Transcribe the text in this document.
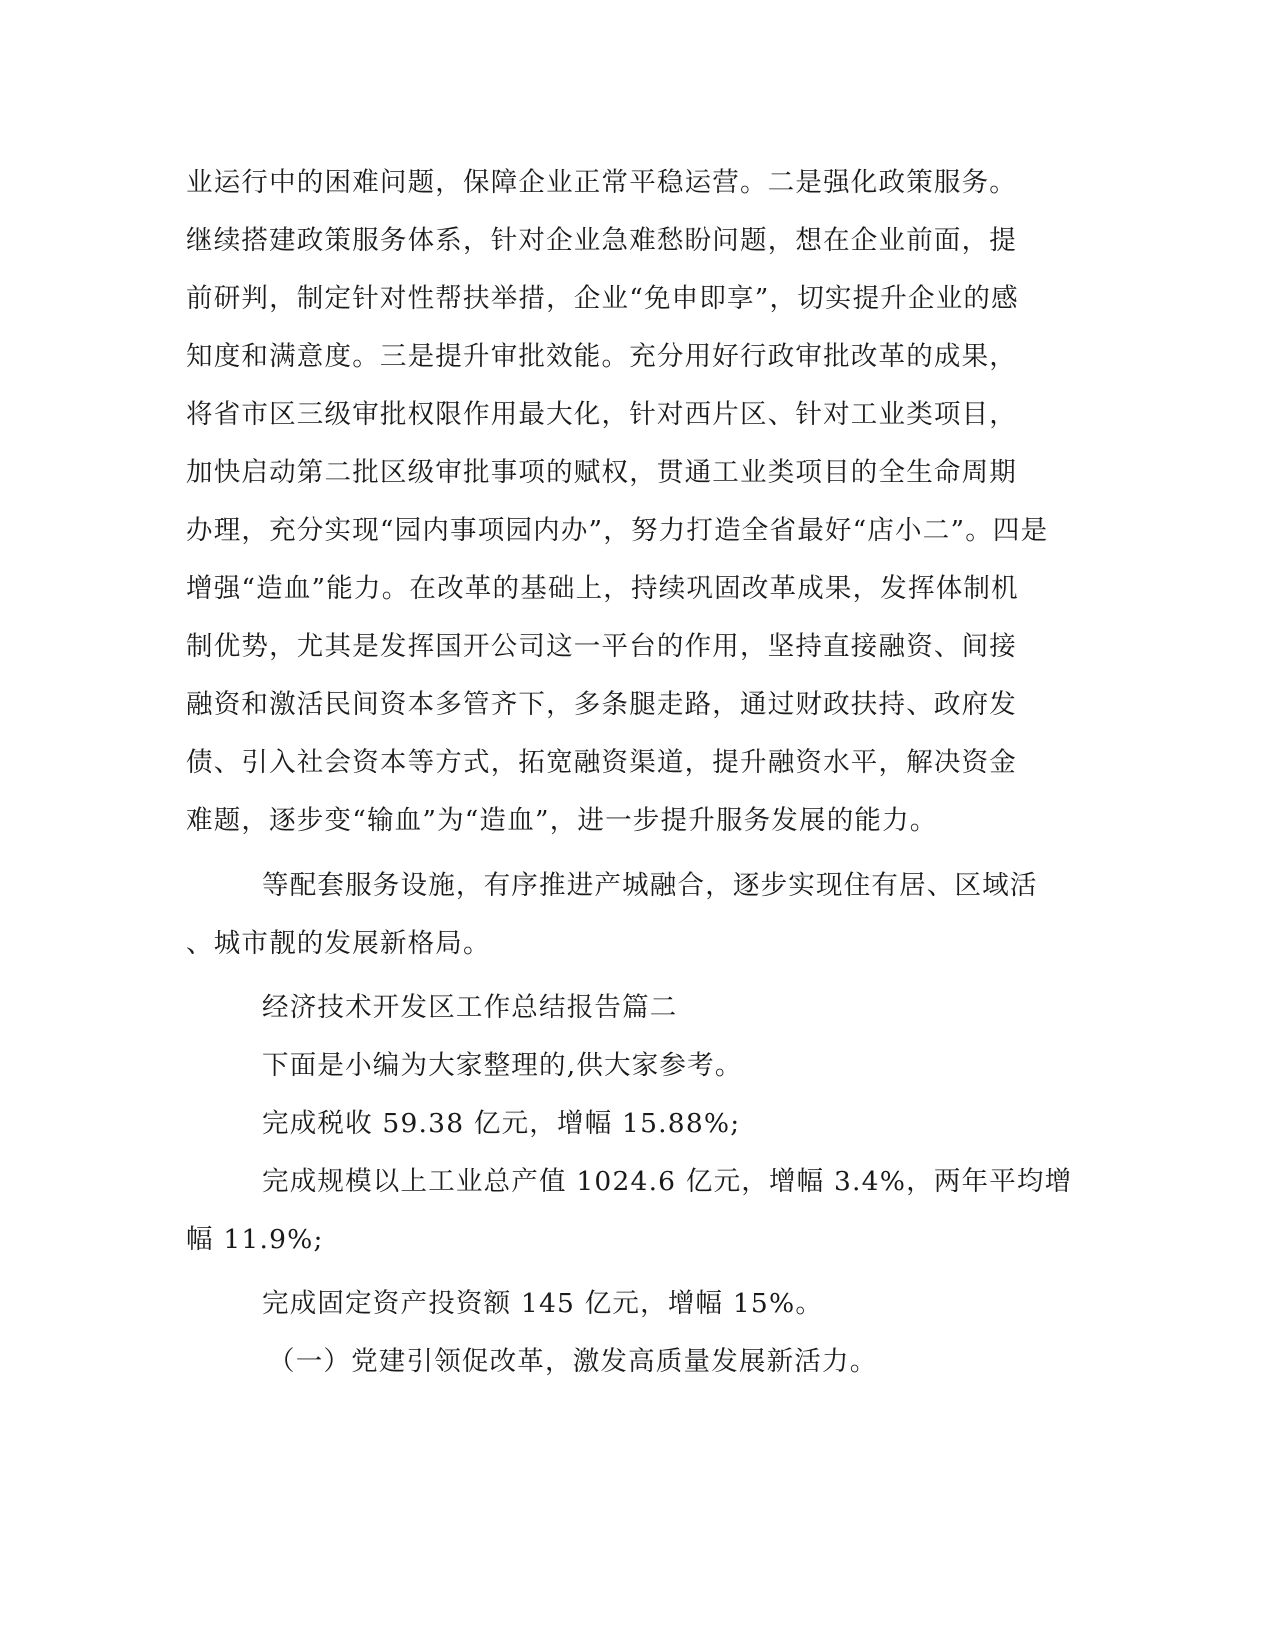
业运行中的困难问题，保障企业正常平稳运营。二是强化政策服务。
继续搭建政策服务体系，针对企业急难愁盼问题，想在企业前面，提
前研判，制定针对性帮扶举措，企业“免申即享”，切实提升企业的感
知度和满意度。三是提升审批效能。充分用好行政审批改革的成果，
将省市区三级审批权限作用最大化，针对西片区、针对工业类项目，
加快启动第二批区级审批事项的赋权，贯通工业类项目的全生命周期
办理，充分实现“园内事项园内办”，努力打造全省最好“店小二”。四是
增强“造血”能力。在改革的基础上，持续巩固改革成果，发挥体制机
制优势，尤其是发挥国开公司这一平台的作用，坚持直接融资、间接
融资和激活民间资本多管齐下，多条腿走路，通过财政扶持、政府发
债、引入社会资本等方式，拓宽融资渠道，提升融资水平，解决资金
难题，逐步变“输血”为“造血”，进一步提升服务发展的能力。
等配套服务设施，有序推进产城融合，逐步实现住有居、区域活
、城市靓的发展新格局。
经济技术开发区工作总结报告篇二
下面是小编为大家整理的,供大家参考。
完成税收 59.38 亿元，增幅 15.88%;
完成规模以上工业总产值 1024.6 亿元，增幅 3.4%，两年平均增
幅 11.9%;
完成固定资产投资额 145 亿元，增幅 15%。
（一）党建引领促改革，激发高质量发展新活力。
